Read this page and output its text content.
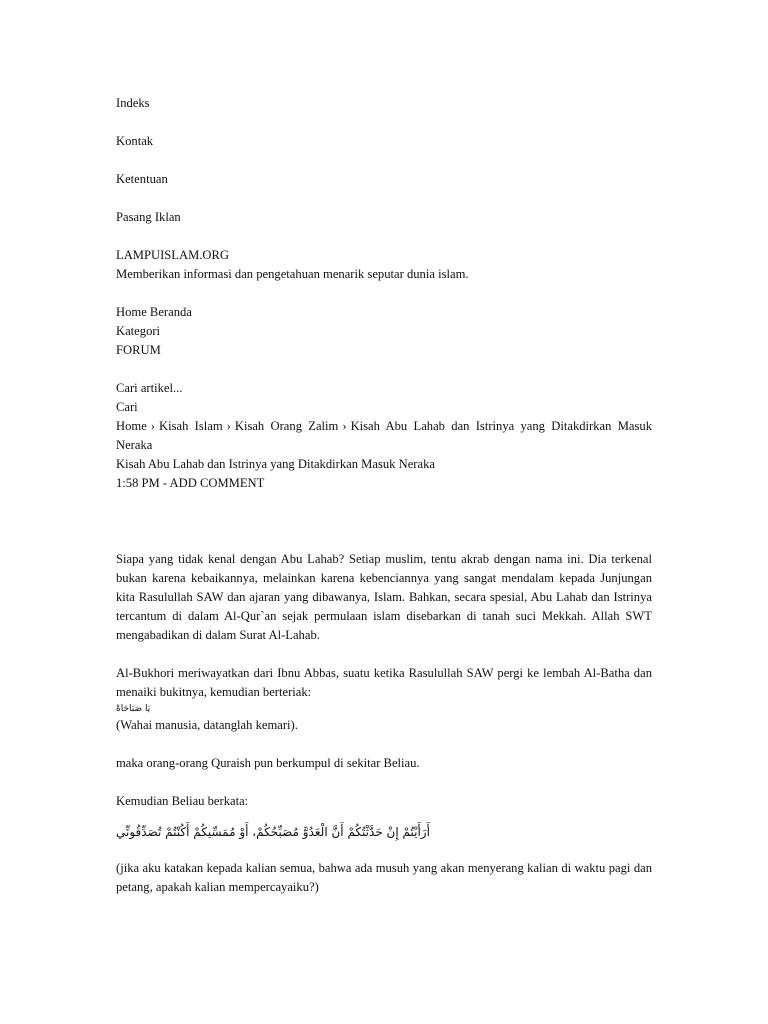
Indeks
Kontak
Ketentuan
Pasang Iklan
LAMPUISLAM.ORG
Memberikan informasi dan pengetahuan menarik seputar dunia islam.
Home Beranda
Kategori
FORUM
Cari artikel...
Cari

Home › Kisah Islam › Kisah Orang Zalim › Kisah Abu Lahab dan Istrinya yang Ditakdirkan Masuk Neraka

Kisah Abu Lahab dan Istrinya yang Ditakdirkan Masuk Neraka
1:58 PM - ADD COMMENT

Siapa yang tidak kenal dengan Abu Lahab? Setiap muslim, tentu akrab dengan nama ini. Dia terkenal bukan karena kebaikannya, melainkan karena kebenciannya yang sangat mendalam kepada Junjungan kita Rasulullah SAW dan ajaran yang dibawanya, Islam. Bahkan, secara spesial, Abu Lahab dan Istrinya tercantum di dalam Al-Qur`an sejak permulaan islam disebarkan di tanah suci Mekkah. Allah SWT mengabadikan di dalam Surat Al-Lahab.

Al-Bukhori meriwayatkan dari Ibnu Abbas, suatu ketika Rasulullah SAW pergi ke lembah Al-Batha dan menaiki bukitnya, kemudian berteriak:

يَا صَبَاحَاهْ

(Wahai manusia, datanglah kemari).

maka orang-orang Quraish pun berkumpul di sekitar Beliau.

Kemudian Beliau berkata:

أَرَأَيْتُمْ إِنْ حَدَّثْتُكُمْ أَنَّ الْعَدُوَّ مُصَبِّحُكُمْ، أَوْ مُمَسِّيكُمْ أَكُنْتُمْ تُصَدِّقُونِّي

(jika aku katakan kepada kalian semua, bahwa ada musuh yang akan menyerang kalian di waktu pagi dan petang, apakah kalian mempercayaiku?)
